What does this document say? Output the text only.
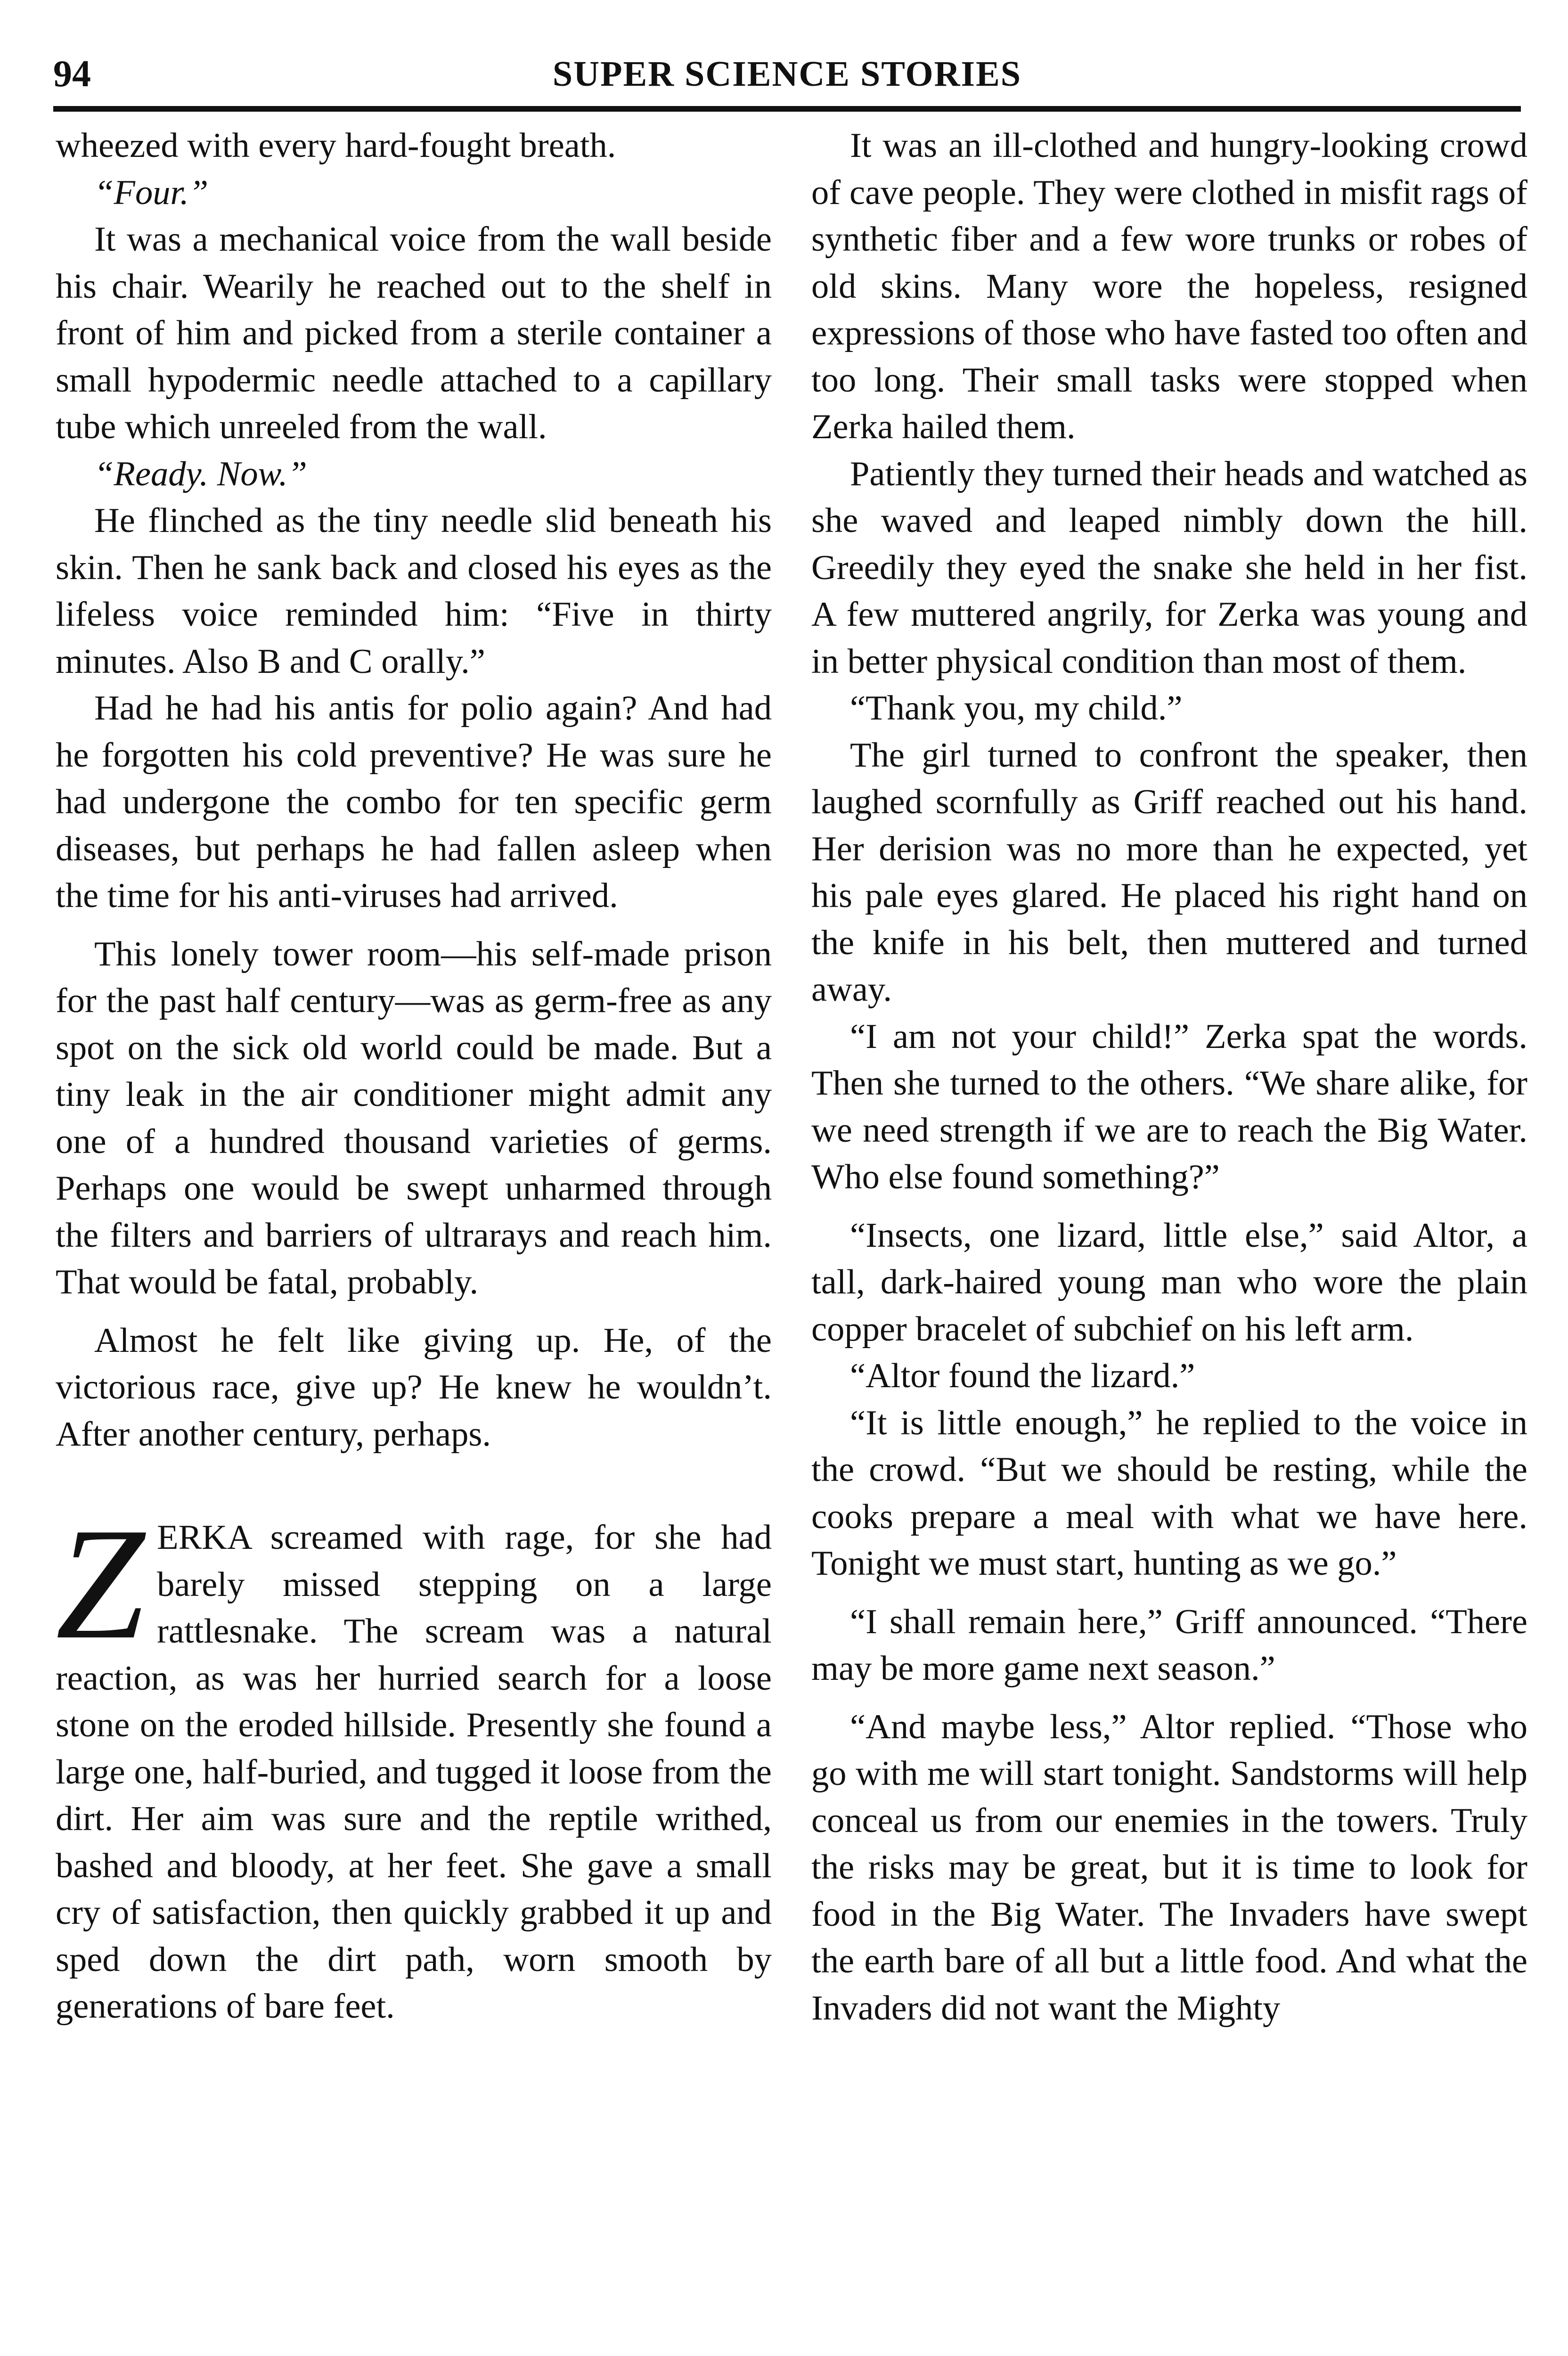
94	SUPER SCIENCE STORIES

wheezed with every hard-fought breath.

“Four.”

It was a mechanical voice from the wall beside his chair. Wearily he reached out to the shelf in front of him and picked from a sterile container a small hypodermic needle attached to a capillary tube which unreeled from the wall.

“Ready. Now.”

He flinched as the tiny needle slid beneath his skin. Then he sank back and closed his eyes as the lifeless voice reminded him: “Five in thirty minutes. Also B and C orally.”

Had he had his antis for polio again? And had he forgotten his cold preventive? He was sure he had undergone the combo for ten specific germ diseases, but perhaps he had fallen asleep when the time for his anti-viruses had arrived.

This lonely tower room—his self-made prison for the past half century—was as germ-free as any spot on the sick old world could be made. But a tiny leak in the air conditioner might admit any one of a hundred thousand varieties of germs. Perhaps one would be swept unharmed through the filters and barriers of ultrarays and reach him. That would be fatal, probably.

Almost he felt like giving up. He, of the victorious race, give up? He knew he wouldn’t. After another century, perhaps.

ZERKA screamed with rage, for she had barely missed stepping on a large rattlesnake. The scream was a natural reaction, as was her hurried search for a loose stone on the eroded hillside. Presently she found a large one, half-buried, and tugged it loose from the dirt. Her aim was sure and the reptile writhed, bashed and bloody, at her feet. She gave a small cry of satisfaction, then quickly grabbed it up and sped down the dirt path, worn smooth by generations of bare feet.

It was an ill-clothed and hungry-looking crowd of cave people. They were clothed in misfit rags of synthetic fiber and a few wore trunks or robes of old skins. Many wore the hopeless, resigned expressions of those who have fasted too often and too long. Their small tasks were stopped when Zerka hailed them.

Patiently they turned their heads and watched as she waved and leaped nimbly down the hill. Greedily they eyed the snake she held in her fist. A few muttered angrily, for Zerka was young and in better physical condition than most of them.

“Thank you, my child.”

The girl turned to confront the speaker, then laughed scornfully as Griff reached out his hand. Her derision was no more than he expected, yet his pale eyes glared. He placed his right hand on the knife in his belt, then muttered and turned away.

“I am not your child!” Zerka spat the words. Then she turned to the others. “We share alike, for we need strength if we are to reach the Big Water. Who else found something?”

“Insects, one lizard, little else,” said Altor, a tall, dark-haired young man who wore the plain copper bracelet of subchief on his left arm.

“Altor found the lizard.”

“It is little enough,” he replied to the voice in the crowd. “But we should be resting, while the cooks prepare a meal with what we have here. Tonight we must start, hunting as we go.”

“I shall remain here,” Griff announced. “There may be more game next season.”

“And maybe less,” Altor replied. “Those who go with me will start tonight. Sandstorms will help conceal us from our enemies in the towers. Truly the risks may be great, but it is time to look for food in the Big Water. The Invaders have swept the earth bare of all but a little food. And what the Invaders did not want the Mighty
